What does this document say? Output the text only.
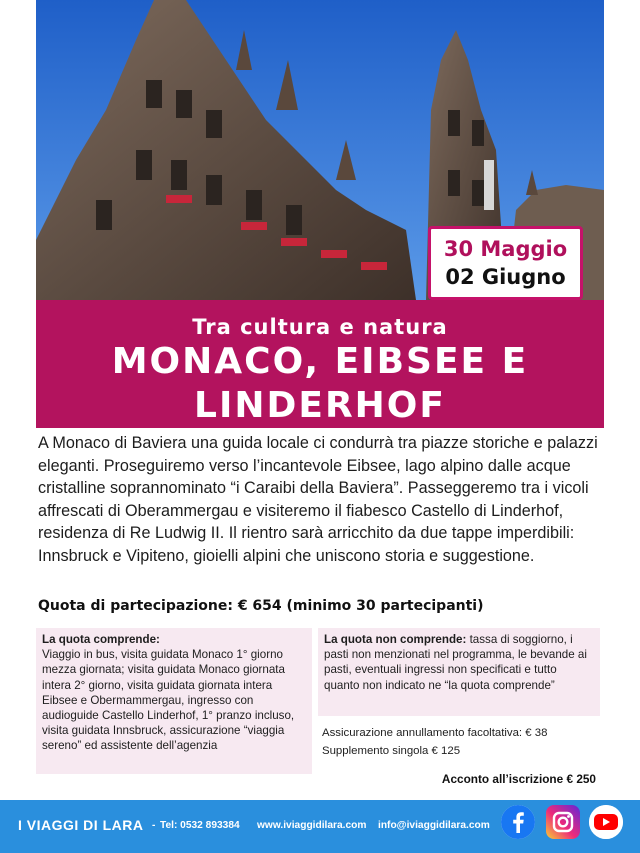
30 Maggio
02 Giugno
Tra cultura e natura
MONACO, EIBSEE E
LINDERHOF
A Monaco di Baviera una guida locale ci condurrà tra piazze storiche e palazzi eleganti. Proseguiremo verso l’incantevole Eibsee, lago alpino dalle acque cristalline soprannominato “i Caraibi della Baviera”. Passeggeremo tra i vicoli affrescati di Oberammergau e visiteremo il fiabesco Castello di Linderhof, residenza di Re Ludwig II. Il rientro sarà arricchito da due tappe imperdibili: Innsbruck e Vipiteno, gioielli alpini che uniscono storia e suggestione.
Quota di partecipazione: € 654 (minimo 30 partecipanti)
La quota comprende:
Viaggio in bus, visita guidata Monaco 1° giorno mezza giornata; visita guidata Monaco giornata intera 2° giorno, visita guidata giornata intera Eibsee e Obermammergau, ingresso con audioguide Castello Linderhof, 1° pranzo incluso, visita guidata Innsbruck, assicurazione “viaggia sereno” ed assistente dell’agenzia
La quota non comprende: tassa di soggiorno, i pasti non menzionati nel programma, le bevande ai pasti, eventuali ingressi non specificati e tutto quanto non indicato ne “la quota comprende”
Assicurazione annullamento facoltativa: € 38
Supplemento singola € 125
Acconto all’iscrizione € 250
I VIAGGI DI LARA - Tel: 0532 893384 www.iviaggidilara.com info@iviaggidilara.com
